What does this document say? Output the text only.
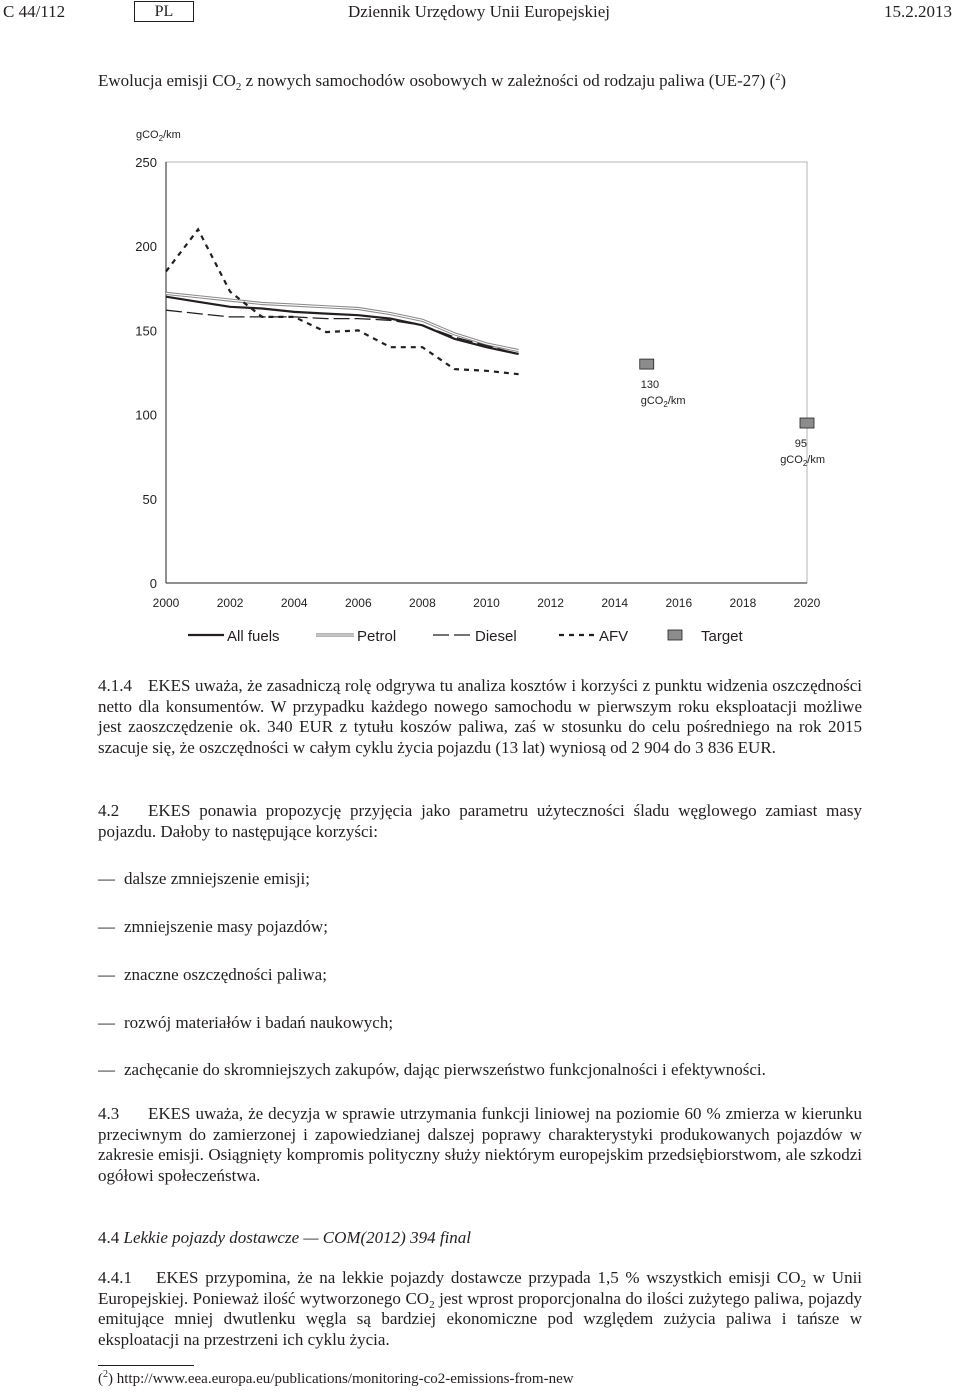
C 44/112	PL	Dziennik Urzędowy Unii Europejskiej	15.2.2013
Ewolucja emisji $CO_2$ z nowych samochodów osobowych w zależności od rodzaju paliwa (UE-27) ($^2$)
gCO$_2$/km
0
50
100
150
200
250
2000	2002	2004	2006	2008	2010	2012	2014	2016	2018	2020
130
gCO$_2$/km
95
gCO$_2$/km
All fuels	Petrol	Diesel	AFV	Target

4.1.4 EKES uważa, że zasadniczą rolę odgrywa tu analiza kosztów i korzyści z punktu widzenia oszczędności netto dla konsumentów. W przypadku każdego nowego samochodu w pierwszym roku eksploatacji możliwe jest zaoszczędzenie ok. 340 EUR z tytułu koszów paliwa, zaś w stosunku do celu pośredniego na rok 2015 szacuje się, że oszczędności w całym cyklu życia pojazdu (13 lat) wyniosą od 2 904 do 3 836 EUR.

4.2 EKES ponawia propozycję przyjęcia jako parametru użyteczności śladu węglowego zamiast masy pojazdu. Dałoby to następujące korzyści:

— dalsze zmniejszenie emisji;
— zmniejszenie masy pojazdów;
— znaczne oszczędności paliwa;
— rozwój materiałów i badań naukowych;
— zachęcanie do skromniejszych zakupów, dając pierwszeństwo funkcjonalności i efektywności.

4.3 EKES uważa, że decyzja w sprawie utrzymania funkcji liniowej na poziomie 60 % zmierza w kierunku przeciwnym do zamierzonej i zapowiedzianej dalszej poprawy charakterystyki produkowanych pojazdów w zakresie emisji. Osiągnięty kompromis polityczny służy niektórym europejskim przedsiębiorstwom, ale szkodzi ogółowi społeczeństwa.

4.4 Lekkie pojazdy dostawcze — COM(2012) 394 final

4.4.1 EKES przypomina, że na lekkie pojazdy dostawcze przypada 1,5 % wszystkich emisji $CO_2$ w Unii Europejskiej. Ponieważ ilość wytworzonego $CO_2$ jest wprost proporcjonalna do ilości zużytego paliwa, pojazdy emitujące mniej dwutlenku węgla są bardziej ekonomiczne pod względem zużycia paliwa i tańsze w eksploatacji na przestrzeni ich cyklu życia.

($^2$) http://www.eea.europa.eu/publications/monitoring-co2-emissions-from-new
